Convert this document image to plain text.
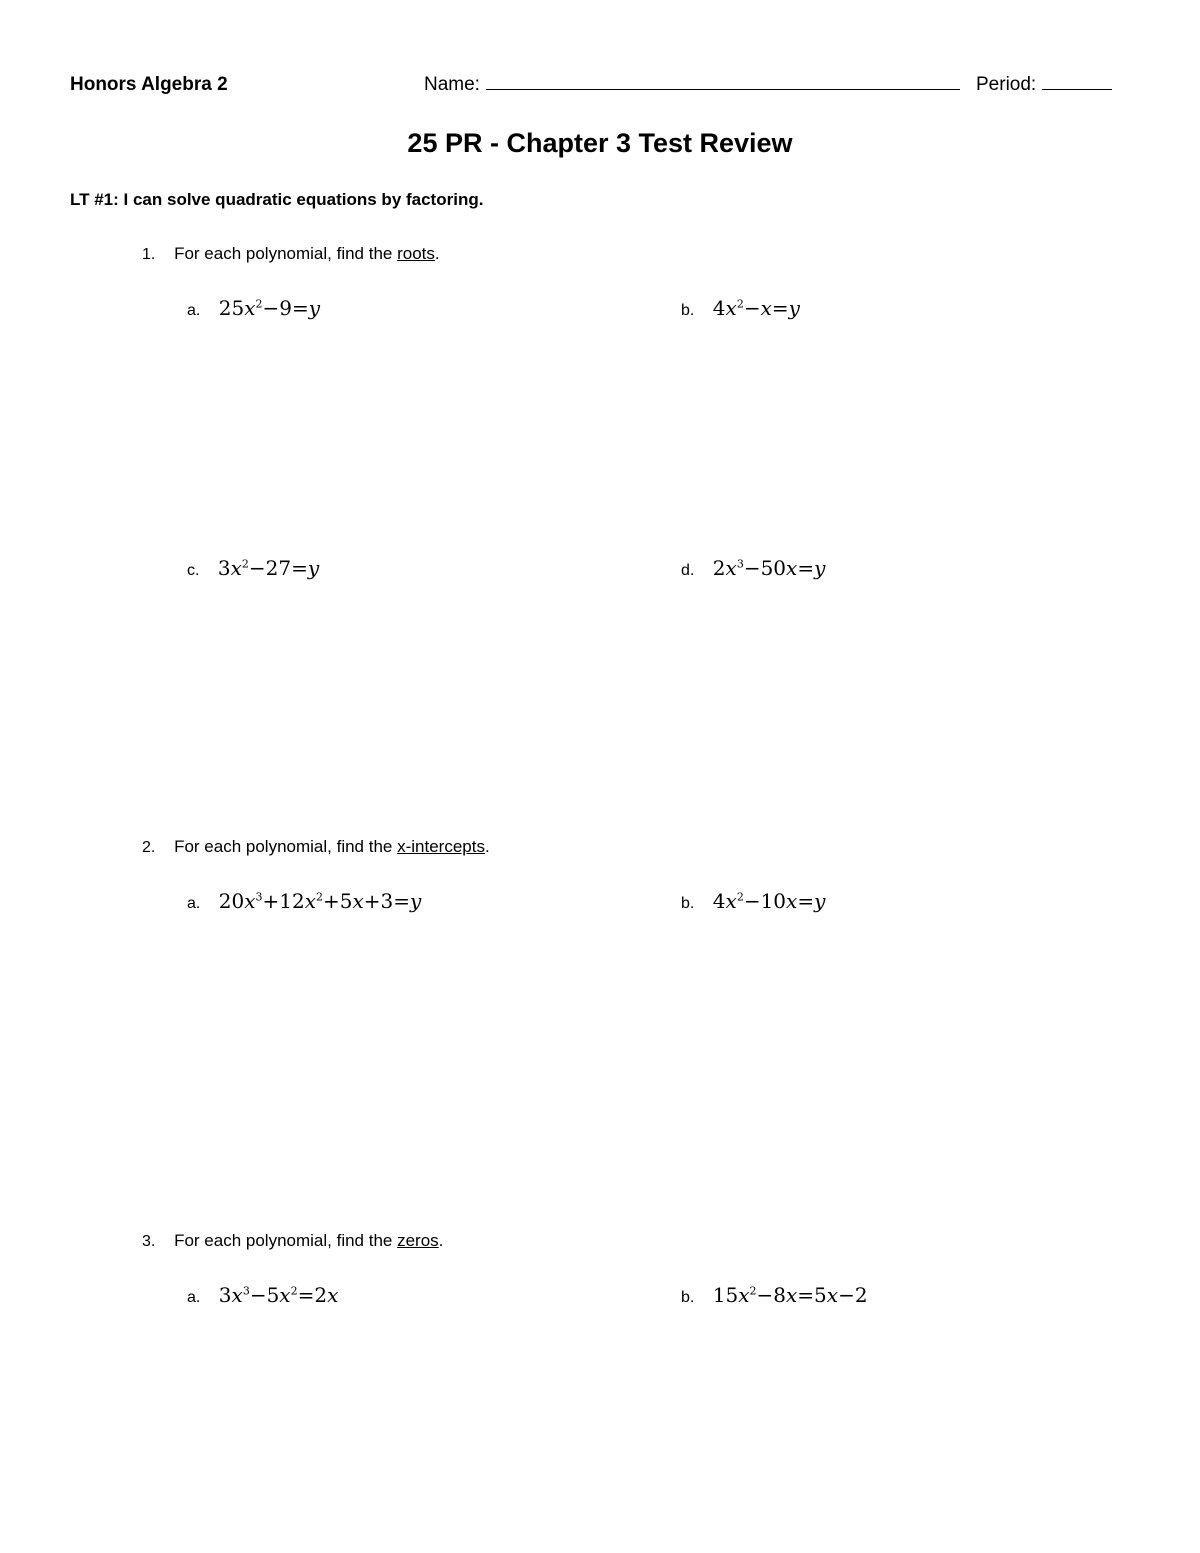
Honors Algebra 2	Name:	Period:
25 PR - Chapter 3 Test Review
LT #1: I can solve quadratic equations by factoring.
1. For each polynomial, find the roots.
a. $25x^2-9=y$	b. $4x^2-x=y$
c. $3x^2-27=y$	d. $2x^3-50x=y$
2. For each polynomial, find the x-intercepts.
a. $20x^3+12x^2+5x+3=y$	b. $4x^2-10x=y$
3. For each polynomial, find the zeros.
a. $3x^3-5x^2=2x$	b. $15x^2-8x=5x-2$
